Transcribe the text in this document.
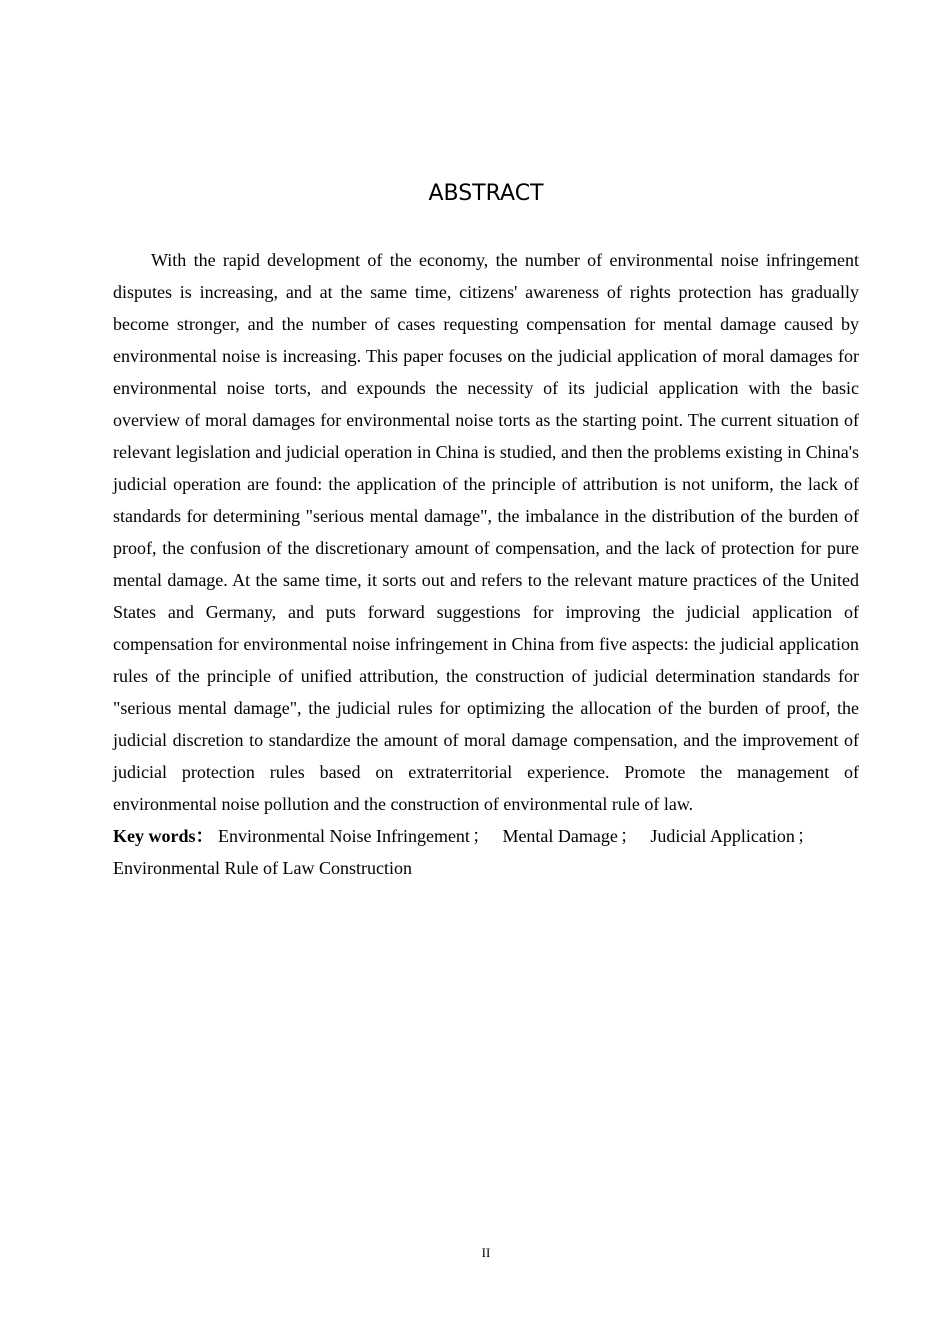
ABSTRACT

With the rapid development of the economy, the number of environmental noise infringement disputes is increasing, and at the same time, citizens' awareness of rights protection has gradually become stronger, and the number of cases requesting compensation for mental damage caused by environmental noise is increasing. This paper focuses on the judicial application of moral damages for environmental noise torts, and expounds the necessity of its judicial application with the basic overview of moral damages for environmental noise torts as the starting point. The current situation of relevant legislation and judicial operation in China is studied, and then the problems existing in China's judicial operation are found: the application of the principle of attribution is not uniform, the lack of standards for determining "serious mental damage", the imbalance in the distribution of the burden of proof, the confusion of the discretionary amount of compensation, and the lack of protection for pure mental damage. At the same time, it sorts out and refers to the relevant mature practices of the United States and Germany, and puts forward suggestions for improving the judicial application of compensation for environmental noise infringement in China from five aspects: the judicial application rules of the principle of unified attribution, the construction of judicial determination standards for "serious mental damage", the judicial rules for optimizing the allocation of the burden of proof, the judicial discretion to standardize the amount of moral damage compensation, and the improvement of judicial protection rules based on extraterritorial experience. Promote the management of environmental noise pollution and the construction of environmental rule of law.

Key words： Environmental Noise Infringement ； Mental Damage ； Judicial Application ； Environmental Rule of Law Construction

II
